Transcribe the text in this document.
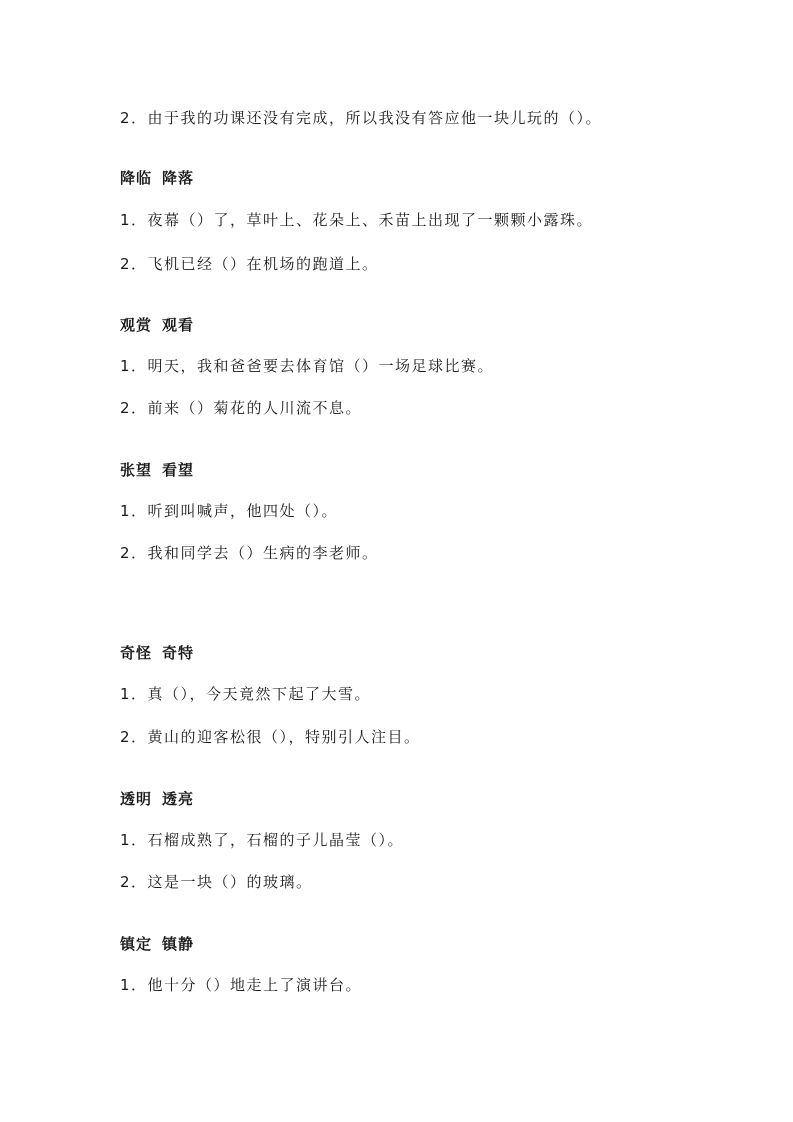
2．由于我的功课还没有完成，所以我没有答应他一块儿玩的（）。
降临 降落
1．夜幕（）了，草叶上、花朵上、禾苗上出现了一颗颗小露珠。
2．飞机已经（）在机场的跑道上。
观赏 观看
1．明天，我和爸爸要去体育馆（）一场足球比赛。
2．前来（）菊花的人川流不息。
张望 看望
1．听到叫喊声，他四处（）。
2．我和同学去（）生病的李老师。
奇怪 奇特
1．真（），今天竟然下起了大雪。
2．黄山的迎客松很（），特别引人注目。
透明 透亮
1．石榴成熟了，石榴的子儿晶莹（）。
2．这是一块（）的玻璃。
镇定 镇静
1．他十分（）地走上了演讲台。
